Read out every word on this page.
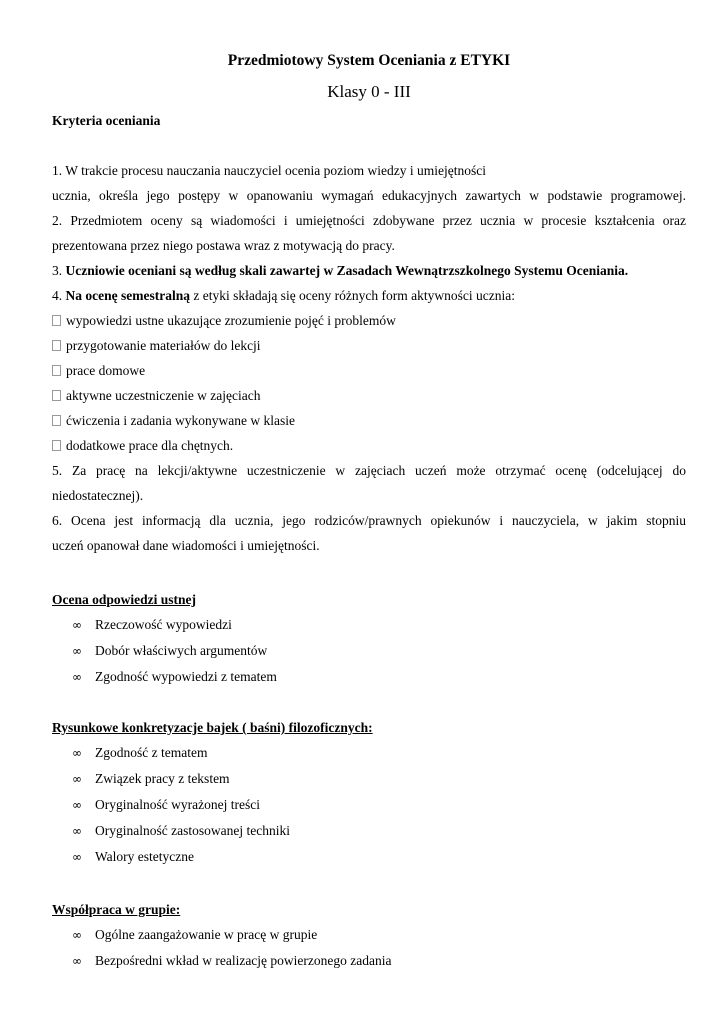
Przedmiotowy System Oceniania z ETYKI
Klasy 0 - III
Kryteria oceniania
1. W trakcie procesu nauczania nauczyciel ocenia poziom wiedzy i umiejętności
ucznia, określa jego postępy w opanowaniu wymagań edukacyjnych zawartych w podstawie programowej.
2. Przedmiotem oceny są wiadomości i umiejętności zdobywane przez ucznia w procesie kształcenia oraz
prezentowana przez niego postawa wraz z motywacją do pracy.
3. Uczniowie oceniani są według skali zawartej w Zasadach Wewnątrzszkolnego Systemu Oceniania.
4. Na ocenę semestralną z etyki składają się oceny różnych form aktywności ucznia:
wypowiedzi ustne ukazujące zrozumienie pojęć i problemów
przygotowanie materiałów do lekcji
prace domowe
aktywne uczestniczenie w zajęciach
ćwiczenia i zadania wykonywane w klasie
dodatkowe prace dla chętnych.
5. Za pracę na lekcji/aktywne uczestniczenie w zajęciach uczeń może otrzymać ocenę (odcelującej do
niedostatecznej).
6. Ocena jest informacją dla ucznia, jego rodziców/prawnych opiekunów i nauczyciela, w jakim stopniu
uczeń opanował dane wiadomości i umiejętności.
Ocena odpowiedzi ustnej
∞ Rzeczowość wypowiedzi
∞ Dobór właściwych argumentów
∞ Zgodność wypowiedzi z tematem
Rysunkowe konkretyzacje bajek ( baśni) filozoficznych:
∞ Zgodność z tematem
∞ Związek pracy z tekstem
∞ Oryginalność wyrażonej treści
∞ Oryginalność zastosowanej techniki
∞ Walory estetyczne
Współpraca w grupie:
∞ Ogólne zaangażowanie w pracę w grupie
∞ Bezpośredni wkład w realizację powierzonego zadania
